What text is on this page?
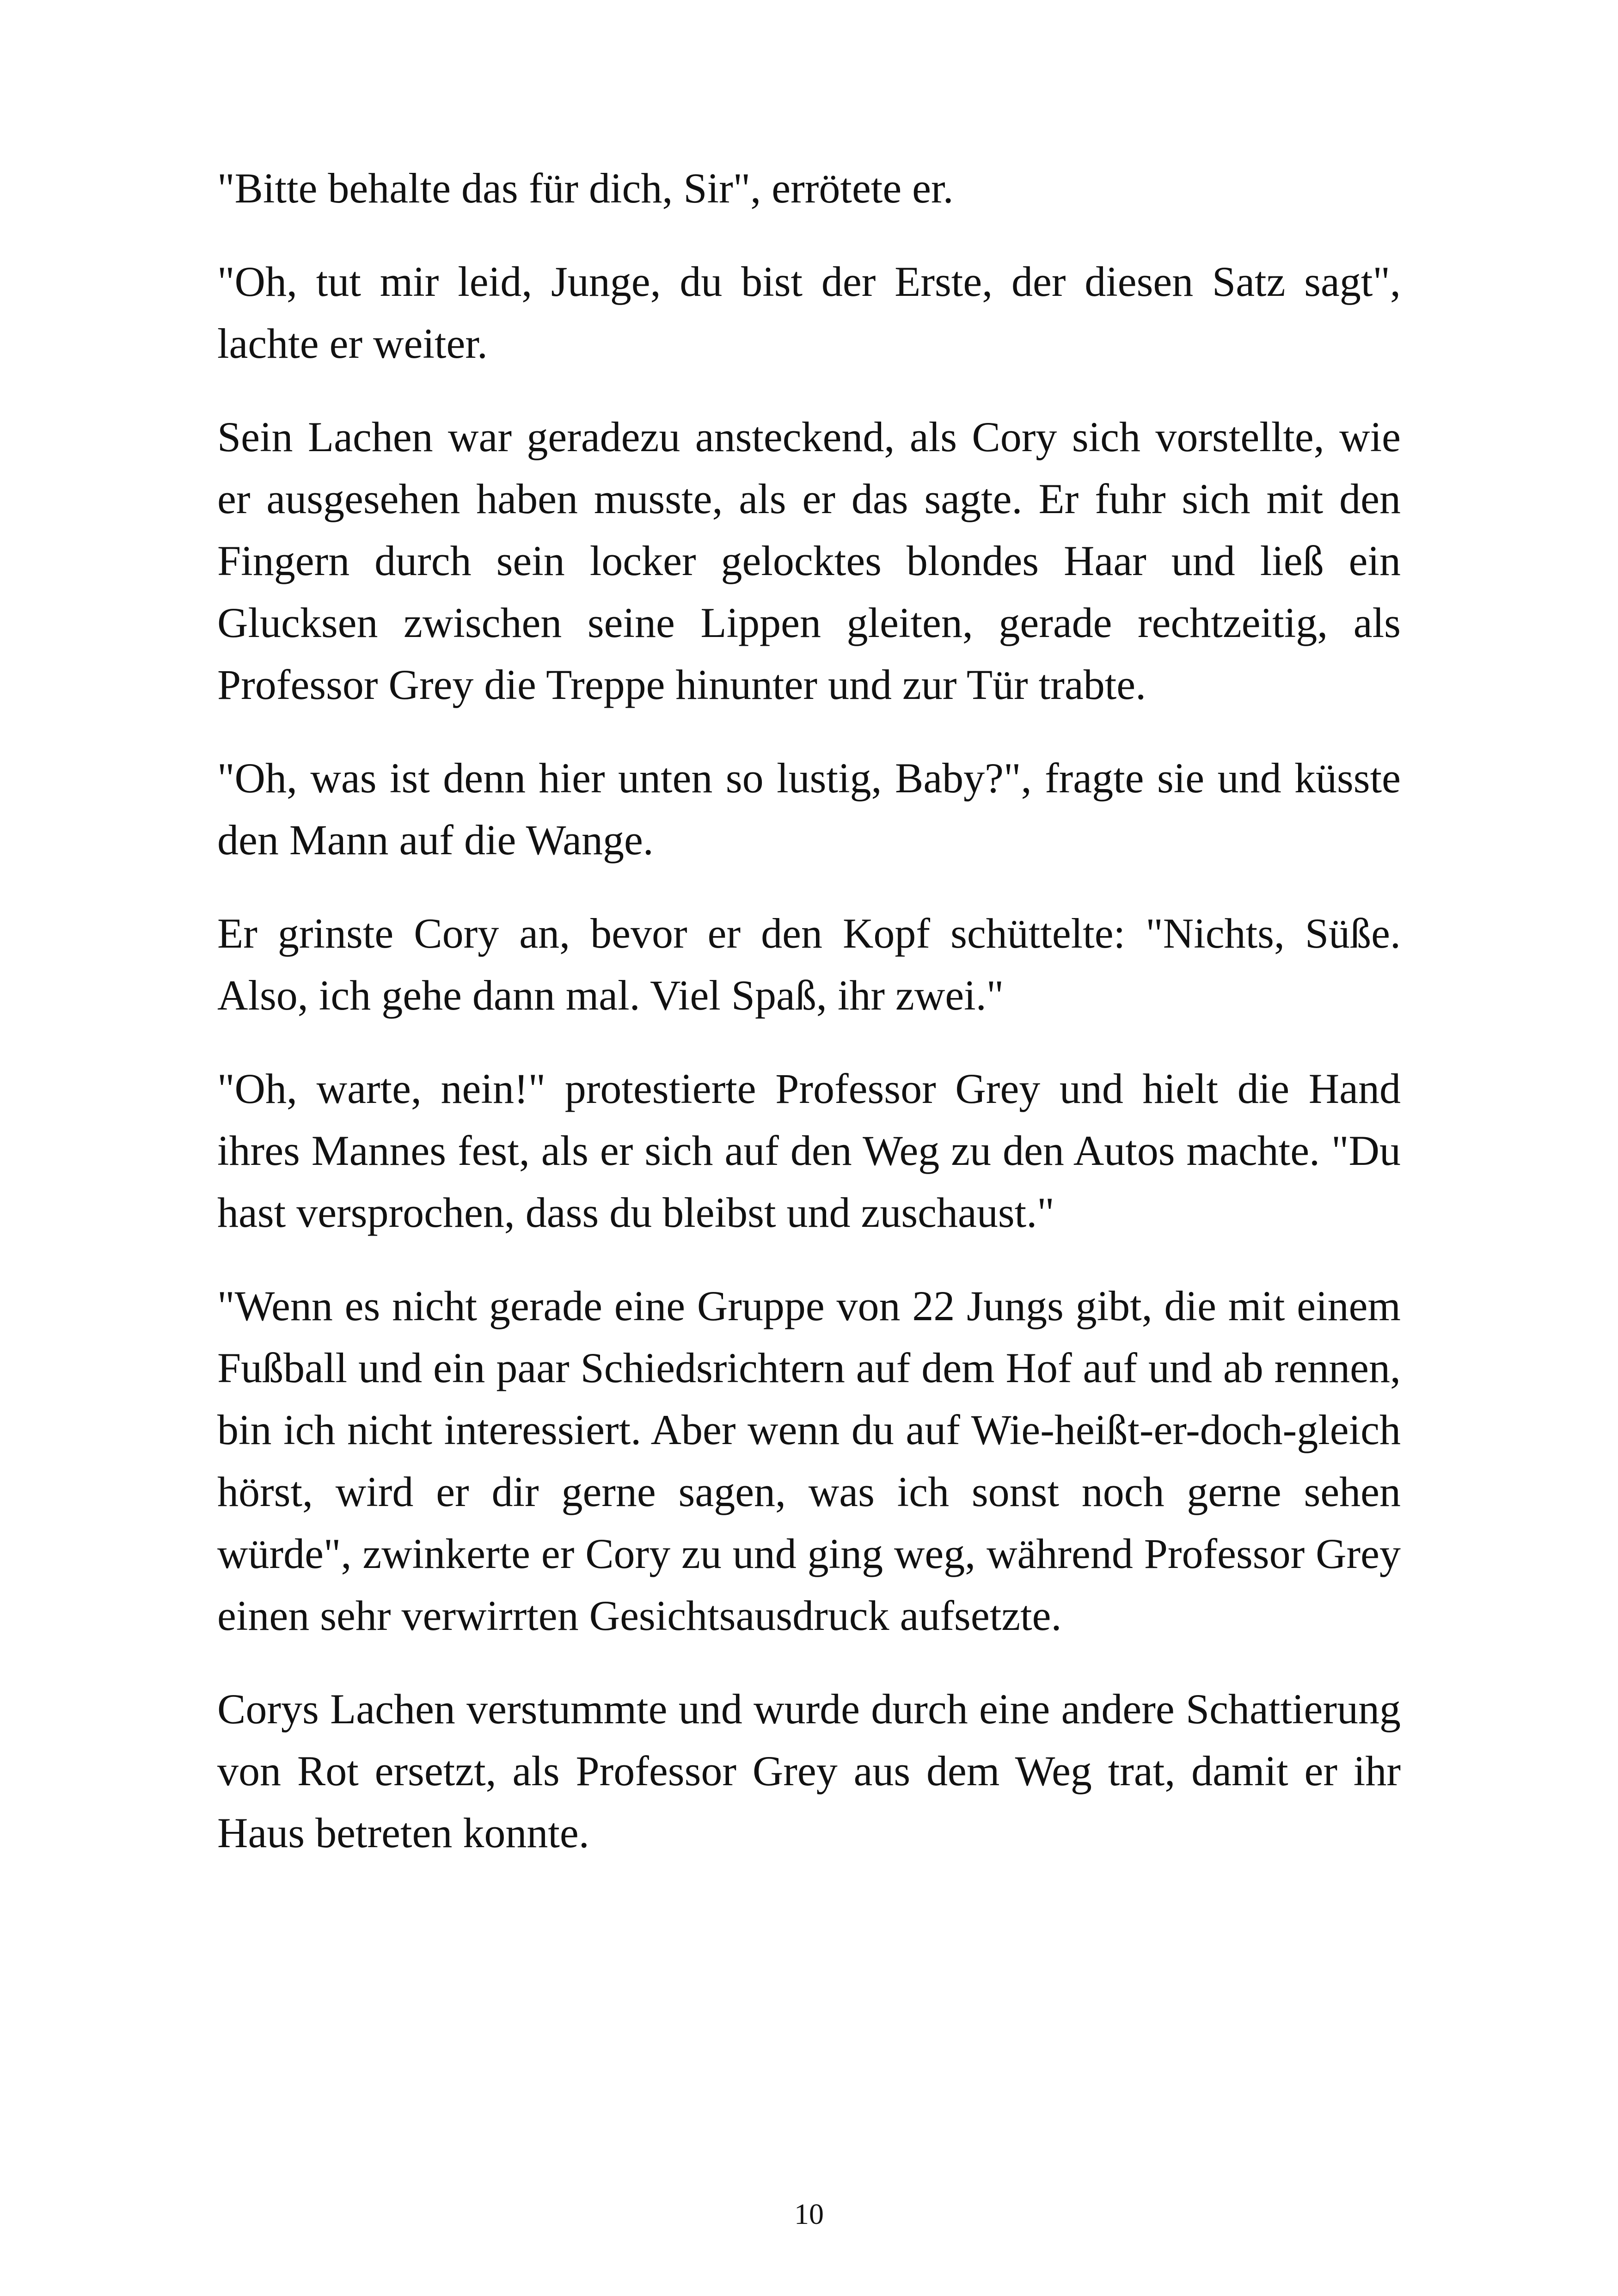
"Bitte behalte das für dich, Sir", errötete er.

"Oh, tut mir leid, Junge, du bist der Erste, der diesen Satz sagt", lachte er weiter.

Sein Lachen war geradezu ansteckend, als Cory sich vorstellte, wie er ausgesehen haben musste, als er das sagte. Er fuhr sich mit den Fingern durch sein locker gelocktes blondes Haar und ließ ein Glucksen zwischen seine Lippen gleiten, gerade rechtzeitig, als Professor Grey die Treppe hinunter und zur Tür trabte.

"Oh, was ist denn hier unten so lustig, Baby?", fragte sie und küsste den Mann auf die Wange.

Er grinste Cory an, bevor er den Kopf schüttelte: "Nichts, Süße. Also, ich gehe dann mal. Viel Spaß, ihr zwei."

"Oh, warte, nein!" protestierte Professor Grey und hielt die Hand ihres Mannes fest, als er sich auf den Weg zu den Autos machte. "Du hast versprochen, dass du bleibst und zuschaust."

"Wenn es nicht gerade eine Gruppe von 22 Jungs gibt, die mit einem Fußball und ein paar Schiedsrichtern auf dem Hof auf und ab rennen, bin ich nicht interessiert. Aber wenn du auf Wie-heißt-er-doch-gleich hörst, wird er dir gerne sagen, was ich sonst noch gerne sehen würde", zwinkerte er Cory zu und ging weg, während Professor Grey einen sehr verwirrten Gesichtsausdruck aufsetzte.

Corys Lachen verstummte und wurde durch eine andere Schattierung von Rot ersetzt, als Professor Grey aus dem Weg trat, damit er ihr Haus betreten konnte.

10
